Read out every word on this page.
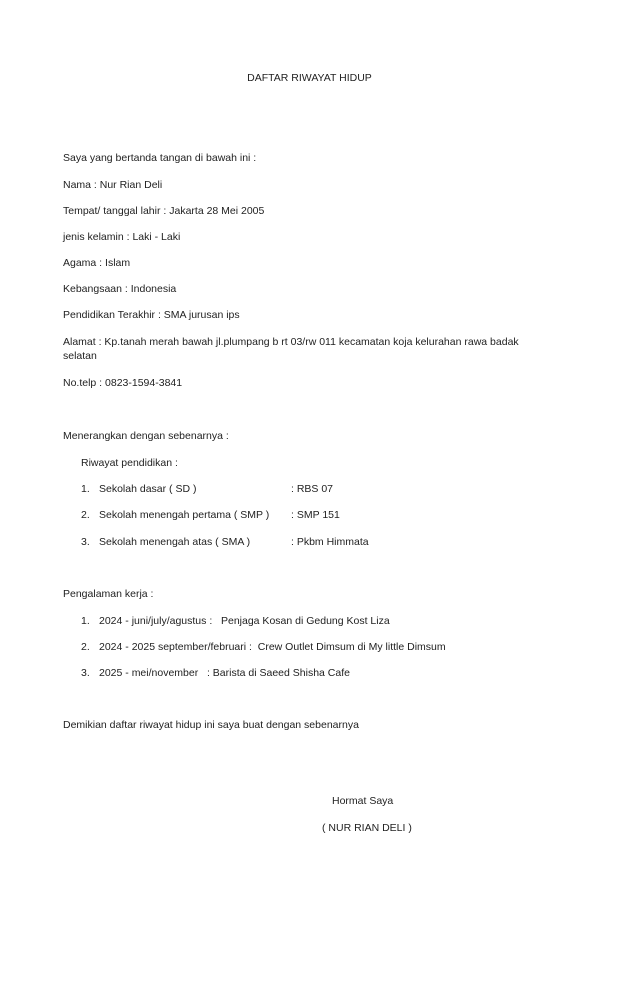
DAFTAR RIWAYAT HIDUP
Saya yang bertanda tangan di bawah ini :
Nama : Nur Rian Deli
Tempat/ tanggal lahir : Jakarta 28 Mei 2005
jenis kelamin : Laki - Laki
Agama : Islam
Kebangsaan : Indonesia
Pendidikan Terakhir : SMA jurusan ips
Alamat : Kp.tanah merah bawah jl.plumpang b rt 03/rw 011 kecamatan koja kelurahan rawa badak selatan
No.telp : 0823-1594-3841
Menerangkan dengan sebenarnya :
Riwayat pendidikan :
1. Sekolah dasar ( SD )	: RBS 07
2. Sekolah menengah pertama ( SMP ) : SMP 151
3. Sekolah menengah atas ( SMA )	: Pkbm Himmata
Pengalaman kerja :
1. 2024 - juni/july/agustus :   Penjaga Kosan di Gedung Kost Liza
2. 2024 - 2025 september/februari :  Crew Outlet Dimsum di My little Dimsum
3. 2025 - mei/november   : Barista di Saeed Shisha Cafe
Demikian daftar riwayat hidup ini saya buat dengan sebenarnya
Hormat Saya
( NUR RIAN DELI )
